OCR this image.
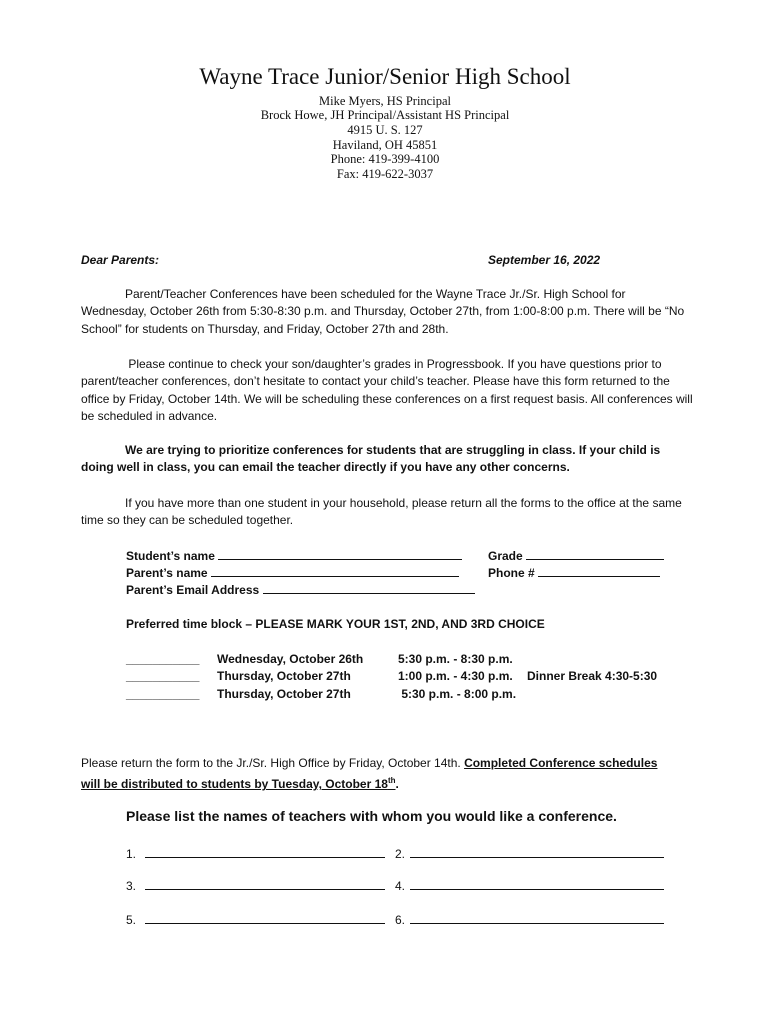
Wayne Trace Junior/Senior High School
Mike Myers, HS Principal
Brock Howe, JH Principal/Assistant HS Principal
4915 U. S. 127
Haviland, OH 45851
Phone: 419-399-4100
Fax: 419-622-3037
Dear Parents:	September 16, 2022
Parent/Teacher Conferences have been scheduled for the Wayne Trace Jr./Sr. High School for Wednesday, October 26th from 5:30-8:30 p.m. and Thursday, October 27th, from 1:00-8:00 p.m. There will be “No School” for students on Thursday, and Friday, October 27th and 28th.
Please continue to check your son/daughter’s grades in Progressbook. If you have questions prior to parent/teacher conferences, don’t hesitate to contact your child’s teacher. Please have this form returned to the office by Friday, October 14th. We will be scheduling these conferences on a first request basis. All conferences will be scheduled in advance.
We are trying to prioritize conferences for students that are struggling in class. If your child is doing well in class, you can email the teacher directly if you have any other concerns.
If you have more than one student in your household, please return all the forms to the office at the same time so they can be scheduled together.
Student’s name	Grade
Parent’s name	Phone #
Parent’s Email Address
Preferred time block – PLEASE MARK YOUR 1ST, 2ND, AND 3RD CHOICE
___________ Wednesday, October 26th	5:30 p.m. - 8:30 p.m.
___________ Thursday, October 27th	1:00 p.m. - 4:30 p.m. Dinner Break 4:30-5:30
___________ Thursday, October 27th	5:30 p.m. - 8:00 p.m.
Please return the form to the Jr./Sr. High Office by Friday, October 14th. Completed Conference schedules
will be distributed to students by Tuesday, October 18th.
Please list the names of teachers with whom you would like a conference.
1.	2.
3.	4.
5.	6.
